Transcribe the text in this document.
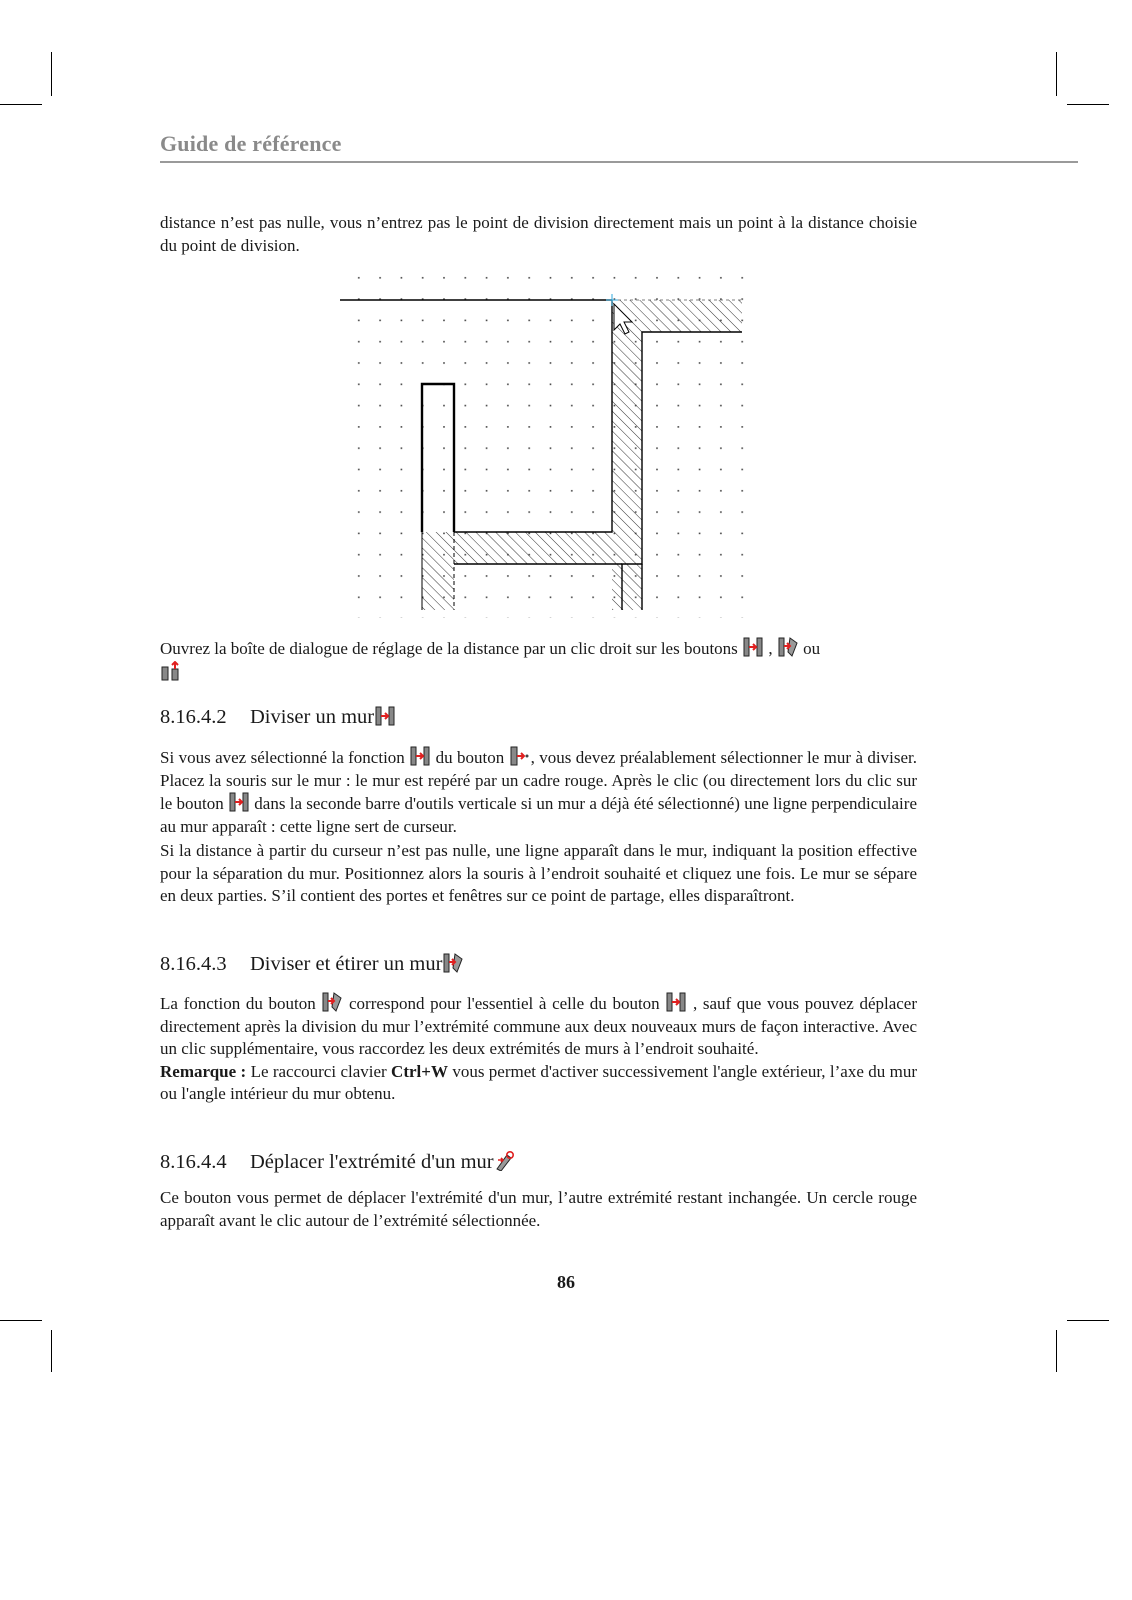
Guide de référence

distance n’est pas nulle, vous n’entrez pas le point de division directement mais un point à la distance choisie du point de division.

Ouvrez la boîte de dialogue de réglage de la distance par un clic droit sur les boutons
,
ou

8.16.4.2 Diviser un mur

Si vous avez sélectionné la fonction
du bouton
, vous devez préalablement sélectionner le mur à diviser. Placez la souris sur le mur : le mur est repéré par un cadre rouge. Après le clic (ou directement lors du clic sur le bouton
dans la seconde barre d'outils verticale si un mur a déjà été sélectionné) une ligne perpendiculaire au mur apparaît : cette ligne sert de curseur.

Si la distance à partir du curseur n’est pas nulle, une ligne apparaît dans le mur, indiquant la position effective pour la séparation du mur. Positionnez alors la souris à l’endroit souhaité et cliquez une fois. Le mur se sépare en deux parties. S’il contient des portes et fenêtres sur ce point de partage, elles disparaîtront.

8.16.4.3 Diviser et étirer un mur

La fonction du bouton
correspond pour l'essentiel à celle du bouton
, sauf que vous pouvez déplacer directement après la division du mur l’extrémité commune aux deux nouveaux murs de façon interactive. Avec un clic supplémentaire, vous raccordez les deux extrémités de murs à l’endroit souhaité.
Remarque : Le raccourci clavier Ctrl+W vous permet d'activer successivement l'angle extérieur, l’axe du mur ou l'angle intérieur du mur obtenu.

8.16.4.4 Déplacer l'extrémité d'un mur

Ce bouton vous permet de déplacer l'extrémité d'un mur, l’autre extrémité restant inchangée. Un cercle rouge apparaît avant le clic autour de l’extrémité sélectionnée.

86
